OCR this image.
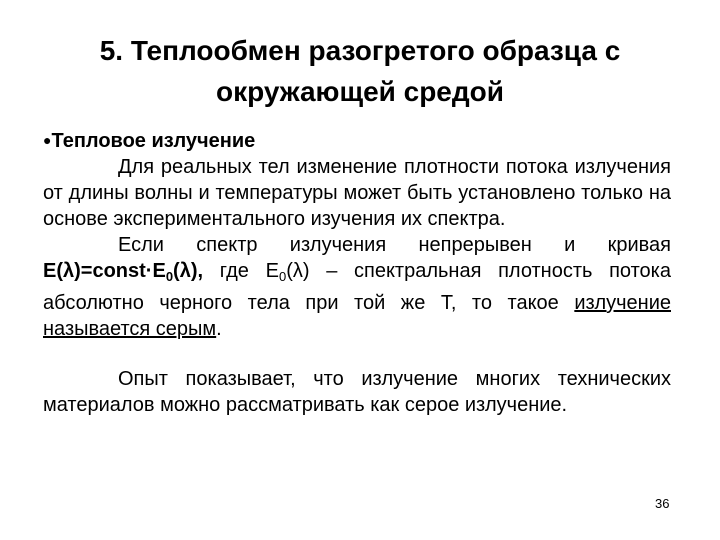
5. Теплообмен разогретого образца с
окружающей средой
●Тепловое излучение

Для реальных тел изменение плотности потока излучения от длины волны и температуры может быть установлено только на основе экспериментального изучения их спектра.

Если спектр излучения непрерывен и кривая $E(\lambda)=const\cdot E_0(\lambda)$, где $E_0(\lambda)$ – спектральная плотность потока абсолютно черного тела при той же Т, то такое излучение называется серым.

Опыт показывает, что излучение многих технических материалов можно рассматривать как серое излучение.

36
